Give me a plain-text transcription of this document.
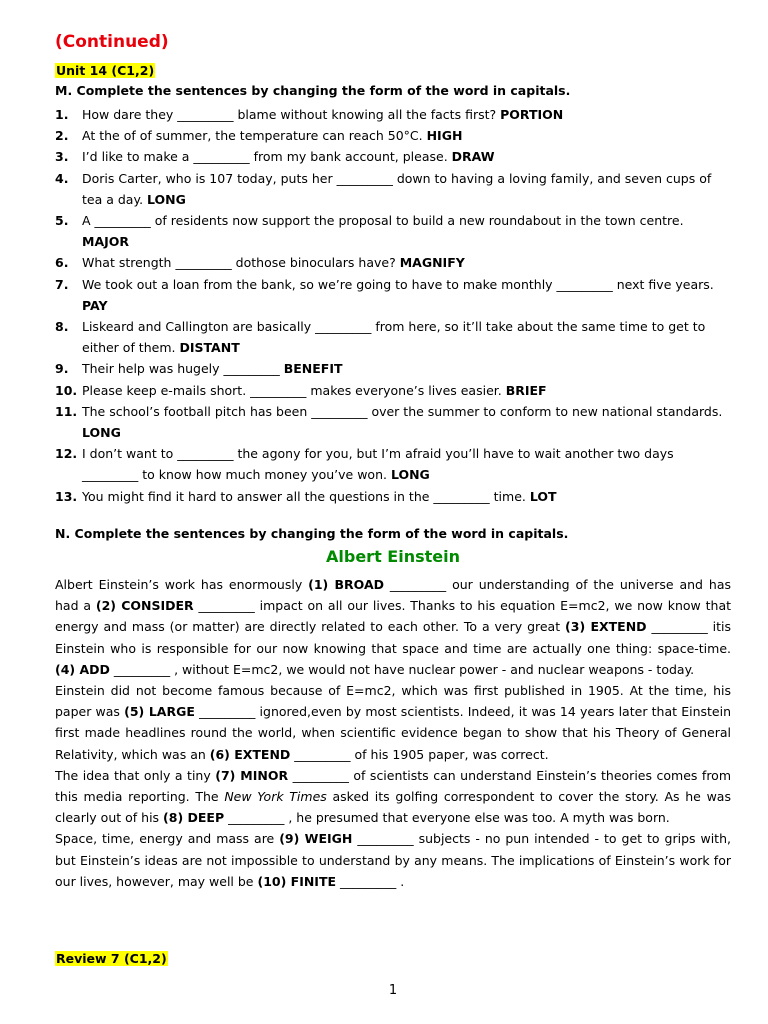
(Continued)
Unit 14 (C1,2)
M. Complete the sentences by changing the form of the word in capitals.
1. How dare they _________ blame without knowing all the facts first? PORTION
2. At the of of summer, the temperature can reach 50°C. HIGH
3. I’d like to make a _________ from my bank account, please. DRAW
4. Doris Carter, who is 107 today, puts her _________ down to having a loving family, and seven cups of tea a day. LONG
5. A _________ of residents now support the proposal to build a new roundabout in the town centre. MAJOR
6. What strength _________ dothose binoculars have? MAGNIFY
7. We took out a loan from the bank, so we’re going to have to make monthly _________ next five years. PAY
8. Liskeard and Callington are basically _________ from here, so it’ll take about the same time to get to either of them. DISTANT
9. Their help was hugely _________ BENEFIT
10. Please keep e-mails short. _________ makes everyone’s lives easier. BRIEF
11. The school’s football pitch has been _________ over the summer to conform to new national standards. LONG
12. I don’t want to _________ the agony for you, but I’m afraid you’ll have to wait another two days _________ to know how much money you’ve won. LONG
13. You might find it hard to answer all the questions in the _________ time. LOT
N. Complete the sentences by changing the form of the word in capitals.
Albert Einstein

Albert Einstein’s work has enormously (1) BROAD _________ our understanding of the universe and has had a (2) CONSIDER _________ impact on all our lives. Thanks to his equation E=mc2, we now know that energy and mass (or matter) are directly related to each other. To a very great (3) EXTEND _________ itis Einstein who is responsible for our now knowing that space and time are actually one thing: space-time. (4) ADD _________ , without E=mc2, we would not have nuclear power - and nuclear weapons - today.

Einstein did not become famous because of E=mc2, which was first published in 1905. At the time, his paper was (5) LARGE _________ ignored,even by most scientists. Indeed, it was 14 years later that Einstein first made headlines round the world, when scientific evidence began to show that his Theory of General Relativity, which was an (6) EXTEND _________ of his 1905 paper, was correct.

The idea that only a tiny (7) MINOR _________ of scientists can understand Einstein’s theories comes from this media reporting. The New York Times asked its golfing correspondent to cover the story. As he was clearly out of his (8) DEEP _________ , he presumed that everyone else was too. A myth was born.

Space, time, energy and mass are (9) WEIGH _________ subjects - no pun intended - to get to grips with, but Einstein’s ideas are not impossible to understand by any means. The implications of Einstein’s work for our lives, however, may well be (10) FINITE _________ .

Review 7 (C1,2)
1
